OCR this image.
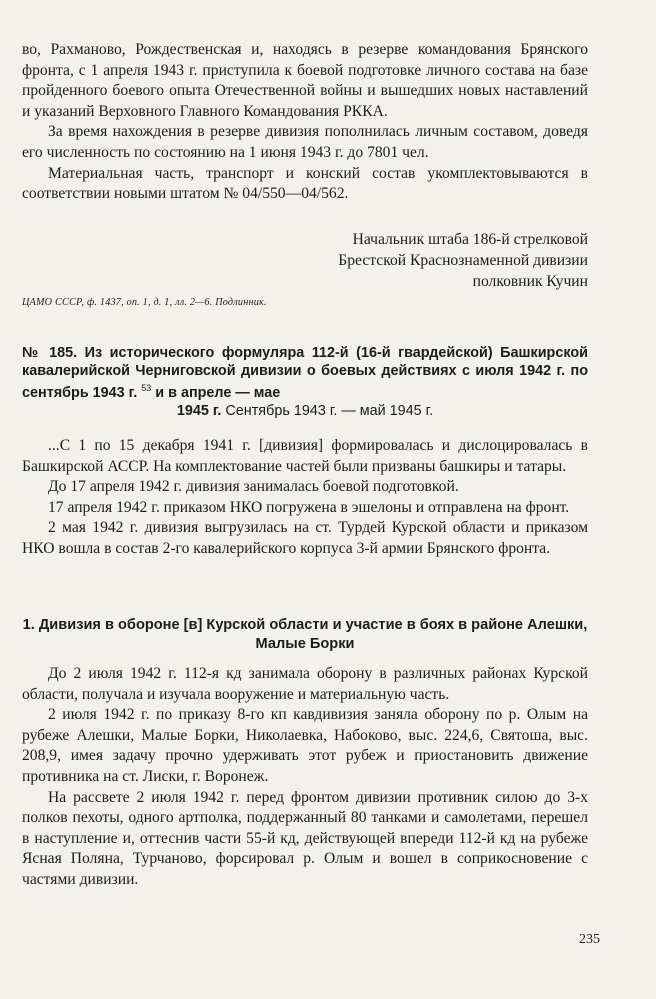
во, Рахманово, Рождественская и, находясь в резерве командования Брянского фронта, с 1 апреля 1943 г. приступила к боевой подготовке личного состава на базе пройденного боевого опыта Отечественной войны и вышедших новых наставлений и указаний Верховного Главного Командования РККА.

За время нахождения в резерве дивизия пополнилась личным составом, доведя его численность по состоянию на 1 июня 1943 г. до 7801 чел.

Материальная часть, транспорт и конский состав укомплектовываются в соответствии новыми штатом № 04/550—04/562.

Начальник штаба 186-й стрелковой
Брестской Краснознаменной дивизии
полковник Кучин
ЦАМО СССР, ф. 1437, оп. 1, д. 1, лл. 2—6. Подлинник.
№ 185. Из исторического формуляра 112-й (16-й гвардейской) Башкирской кавалерийской Черниговской дивизии о боевых действиях с июля 1942 г. по сентябрь 1943 г. $^{53}$ и в апреле — мае
1945 г. Сентябрь 1943 г. — май 1945 г.

...С 1 по 15 декабря 1941 г. [дивизия] формировалась и дислоцировалась в Башкирской АССР. На комплектование частей были призваны башкиры и татары.

До 17 апреля 1942 г. дивизия занималась боевой подготовкой.

17 апреля 1942 г. приказом НКО погружена в эшелоны и отправлена на фронт.

2 мая 1942 г. дивизия выгрузилась на ст. Турдей Курской области и приказом НКО вошла в состав 2-го кавалерийского корпуса 3-й армии Брянского фронта.

1. Дивизия в обороне [в] Курской области и участие в боях в районе Алешки, Малые Борки

До 2 июля 1942 г. 112-я кд занимала оборону в различных районах Курской области, получала и изучала вооружение и материальную часть.

2 июля 1942 г. по приказу 8-го кп кавдивизия заняла оборону по р. Олым на рубеже Алешки, Малые Борки, Николаевка, Набоково, выс. 224,6, Святоша, выс. 208,9, имея задачу прочно удерживать этот рубеж и приостановить движение противника на ст. Лиски, г. Воронеж.

На рассвете 2 июля 1942 г. перед фронтом дивизии противник силою до 3-х полков пехоты, одного артполка, поддержанный 80 танками и самолетами, перешел в наступление и, оттеснив части 55-й кд, действующей впереди 112-й кд на рубеже Ясная Поляна, Турчаново, форсировал р. Олым и вошел в соприкосновение с частями дивизии.

235
